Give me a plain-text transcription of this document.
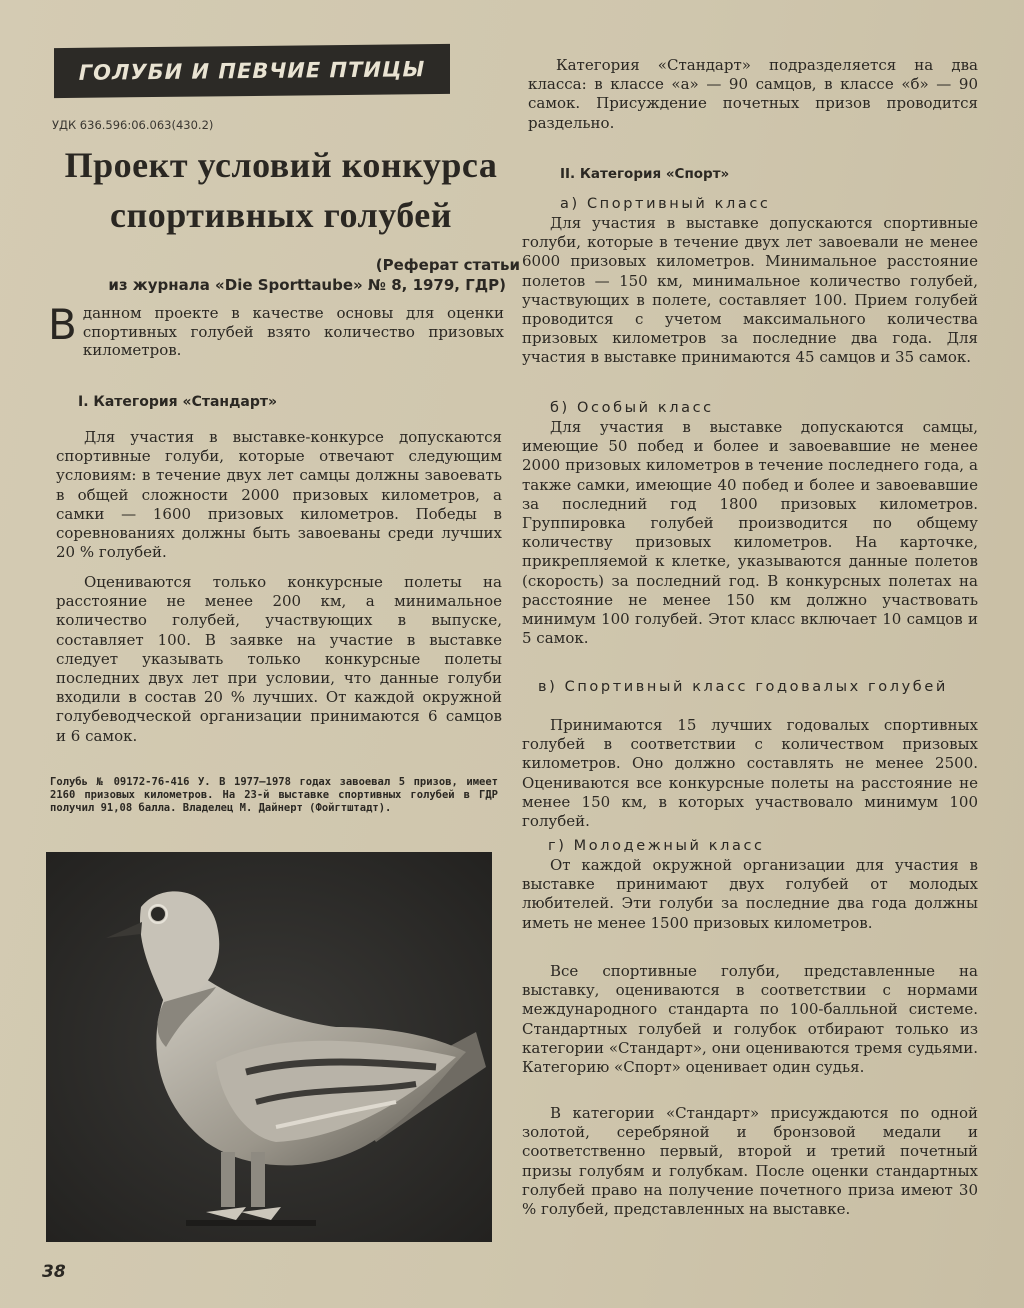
ГОЛУБИ И ПЕВЧИЕ ПТИЦЫ
УДК 636.596:06.063(430.2)
Проект условий конкурса спортивных голубей
(Реферат статьи
из журнала «Die Sporttaube» № 8, 1979, ГДР)
Вданном проекте в качестве основы для оценки спортивных голубей взято количество призовых километров.
I. Категория «Стандарт»

Для участия в выставке-конкурсе допускаются спортивные голуби, которые отвечают следующим условиям: в течение двух лет самцы должны завоевать в общей сложности 2000 призовых километров, а самки — 1600 призовых километров. Победы в соревнованиях должны быть завоеваны среди лучших 20 % голубей.

Оцениваются только конкурсные полеты на расстояние не менее 200 км, а минимальное количество голубей, участвующих в выпуске, составляет 100. В заявке на участие в выставке следует указывать только конкурсные полеты последних двух лет при условии, что данные голуби входили в состав 20 % лучших. От каждой окружной голубеводческой организации принимаются 6 самцов и 6 самок.

Голубь № 09172-76-416 У. В 1977—1978 годах завоевал 5 призов, имеет 2160 призовых километров. На 23-й выставке спортивных голубей в ГДР получил 91,08 балла. Владелец М. Дайнерт (Фойгтштадт).
38

Категория «Стандарт» подразделяется на два класса: в классе «а» — 90 самцов, в классе «б» — 90 самок. Присуждение почетных призов проводится раздельно.

II. Категория «Спорт»

а) Спортивный класс

Для участия в выставке допускаются спортивные голуби, которые в течение двух лет завоевали не менее 6000 призовых километров. Минимальное расстояние полетов — 150 км, минимальное количество голубей, участвующих в полете, составляет 100. Прием голубей проводится с учетом максимального количества призовых километров за последние два года. Для участия в выставке принимаются 45 самцов и 35 самок.

б) Особый класс

Для участия в выставке допускаются самцы, имеющие 50 побед и более и завоевавшие не менее 2000 призовых километров в течение последнего года, а также самки, имеющие 40 побед и более и завоевавшие за последний год 1800 призовых километров. Группировка голубей производится по общему количеству призовых километров. На карточке, прикрепляемой к клетке, указываются данные полетов (скорость) за последний год. В конкурсных полетах на расстояние не менее 150 км должно участвовать минимум 100 голубей. Этот класс включает 10 самцов и 5 самок.

в) Спортивный класс годовалых голубей

Принимаются 15 лучших годовалых спортивных голубей в соответствии с количеством призовых километров. Оно должно составлять не менее 2500. Оцениваются все конкурсные полеты на расстояние не менее 150 км, в которых участвовало минимум 100 голубей.

г) Молодежный класс

От каждой окружной организации для участия в выставке принимают двух голубей от молодых любителей. Эти голуби за последние два года должны иметь не менее 1500 призовых километров.

Все спортивные голуби, представленные на выставку, оцениваются в соответствии с нормами международного стандарта по 100-балльной системе. Стандартных голубей и голубок отбирают только из категории «Стандарт», они оцениваются тремя судьями. Категорию «Спорт» оценивает один судья.

В категории «Стандарт» присуждаются по одной золотой, серебряной и бронзовой медали и соответственно первый, второй и третий почетный призы голубям и голубкам. После оценки стандартных голубей право на получение почетного приза имеют 30 % голубей, представленных на выставке.
